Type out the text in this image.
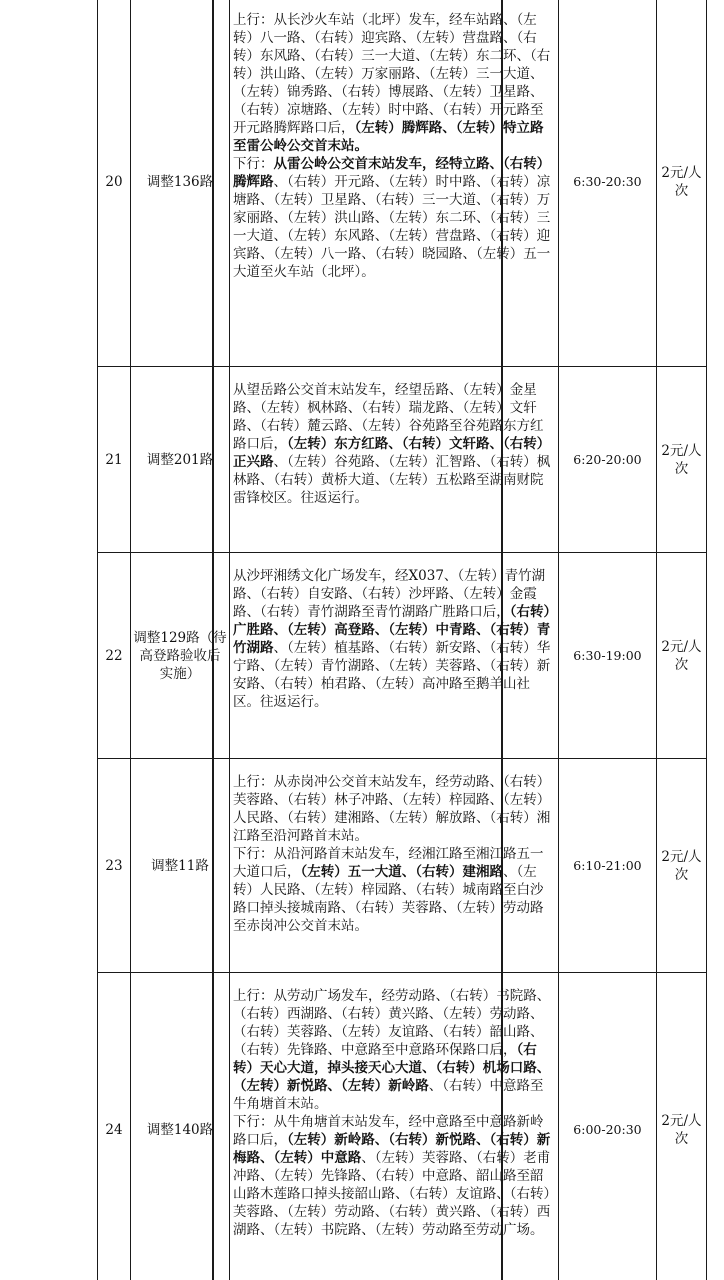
20	调整136路	上行：从长沙火车站（北坪）发车，经车站路、（左转）八一路、（右转）迎宾路、（左转）营盘路、（右转）东风路、（右转）三一大道、（左转）东二环、（右转）洪山路、（左转）万家丽路、（左转）三一大道、（左转）锦秀路、（右转）博展路、（左转）卫星路、（右转）凉塘路、（左转）时中路、（右转）开元路至开元路腾辉路口后，（左转）腾辉路、（左转）特立路至雷公岭公交首末站。

下行：从雷公岭公交首末站发车，经特立路、（右转）腾辉路、（右转）开元路、（左转）时中路、（右转）凉塘路、（左转）卫星路、（右转）三一大道、（右转）万家丽路、（左转）洪山路、（左转）东二环、（右转）三一大道、（左转）东风路、（左转）营盘路、（右转）迎宾路、（左转）八一路、（右转）晓园路、（左转）五一大道至火车站（北坪）。	6:30-20:30	2元/人次
21	调整201路	从望岳路公交首末站发车，经望岳路、（左转）金星路、（左转）枫林路、（右转）瑞龙路、（左转）文轩路、（右转）麓云路、（左转）谷苑路至谷苑路东方红路口后，（左转）东方红路、（右转）文轩路、（右转）正兴路、（左转）谷苑路、（左转）汇智路、（右转）枫林路、（右转）黄桥大道、（左转）五松路至湖南财院雷锋校区。往返运行。	6:20-20:00	2元/人次
22	调整129路（待高登路验收后实施）	从沙坪湘绣文化广场发车，经X037、（左转）青竹湖路、（右转）自安路、（右转）沙坪路、（左转）金霞路、（右转）青竹湖路至青竹湖路广胜路口后，（右转）广胜路、（左转）高登路、（左转）中青路、（右转）青竹湖路、（左转）植基路、（右转）新安路、（右转）华宁路、（左转）青竹湖路、（左转）芙蓉路、（右转）新安路、（右转）柏君路、（左转）高冲路至鹅羊山社区。往返运行。	6:30-19:00	2元/人次
23	调整11路	上行：从赤岗冲公交首末站发车，经劳动路、（右转）芙蓉路、（右转）林子冲路、（左转）梓园路、（左转）人民路、（右转）建湘路、（左转）解放路、（右转）湘江路至沿河路首末站。

下行：从沿河路首末站发车，经湘江路至湘江路五一大道口后，（左转）五一大道、（右转）建湘路、（左转）人民路、（左转）梓园路、（右转）城南路至白沙路口掉头接城南路、（右转）芙蓉路、（左转）劳动路至赤岗冲公交首末站。	6:10-21:00	2元/人次
24	调整140路	上行：从劳动广场发车，经劳动路、（右转）书院路、（右转）西湖路、（右转）黄兴路、（左转）劳动路、（右转）芙蓉路、（左转）友谊路、（右转）韶山路、（右转）先锋路、中意路至中意路环保路口后，（右转）天心大道，掉头接天心大道、（右转）机场口路、（左转）新悦路、（左转）新岭路、（右转）中意路至牛角塘首末站。

下行：从牛角塘首末站发车，经中意路至中意路新岭路口后，（左转）新岭路、（右转）新悦路、（右转）新梅路、（左转）中意路、（左转）芙蓉路、（右转）老甫冲路、（左转）先锋路、（右转）中意路、韶山路至韶山路木莲路口掉头接韶山路、（右转）友谊路、（右转）芙蓉路、（左转）劳动路、（右转）黄兴路、（右转）西湖路、（左转）书院路、（左转）劳动路至劳动广场。	6:00-20:30	2元/人次
